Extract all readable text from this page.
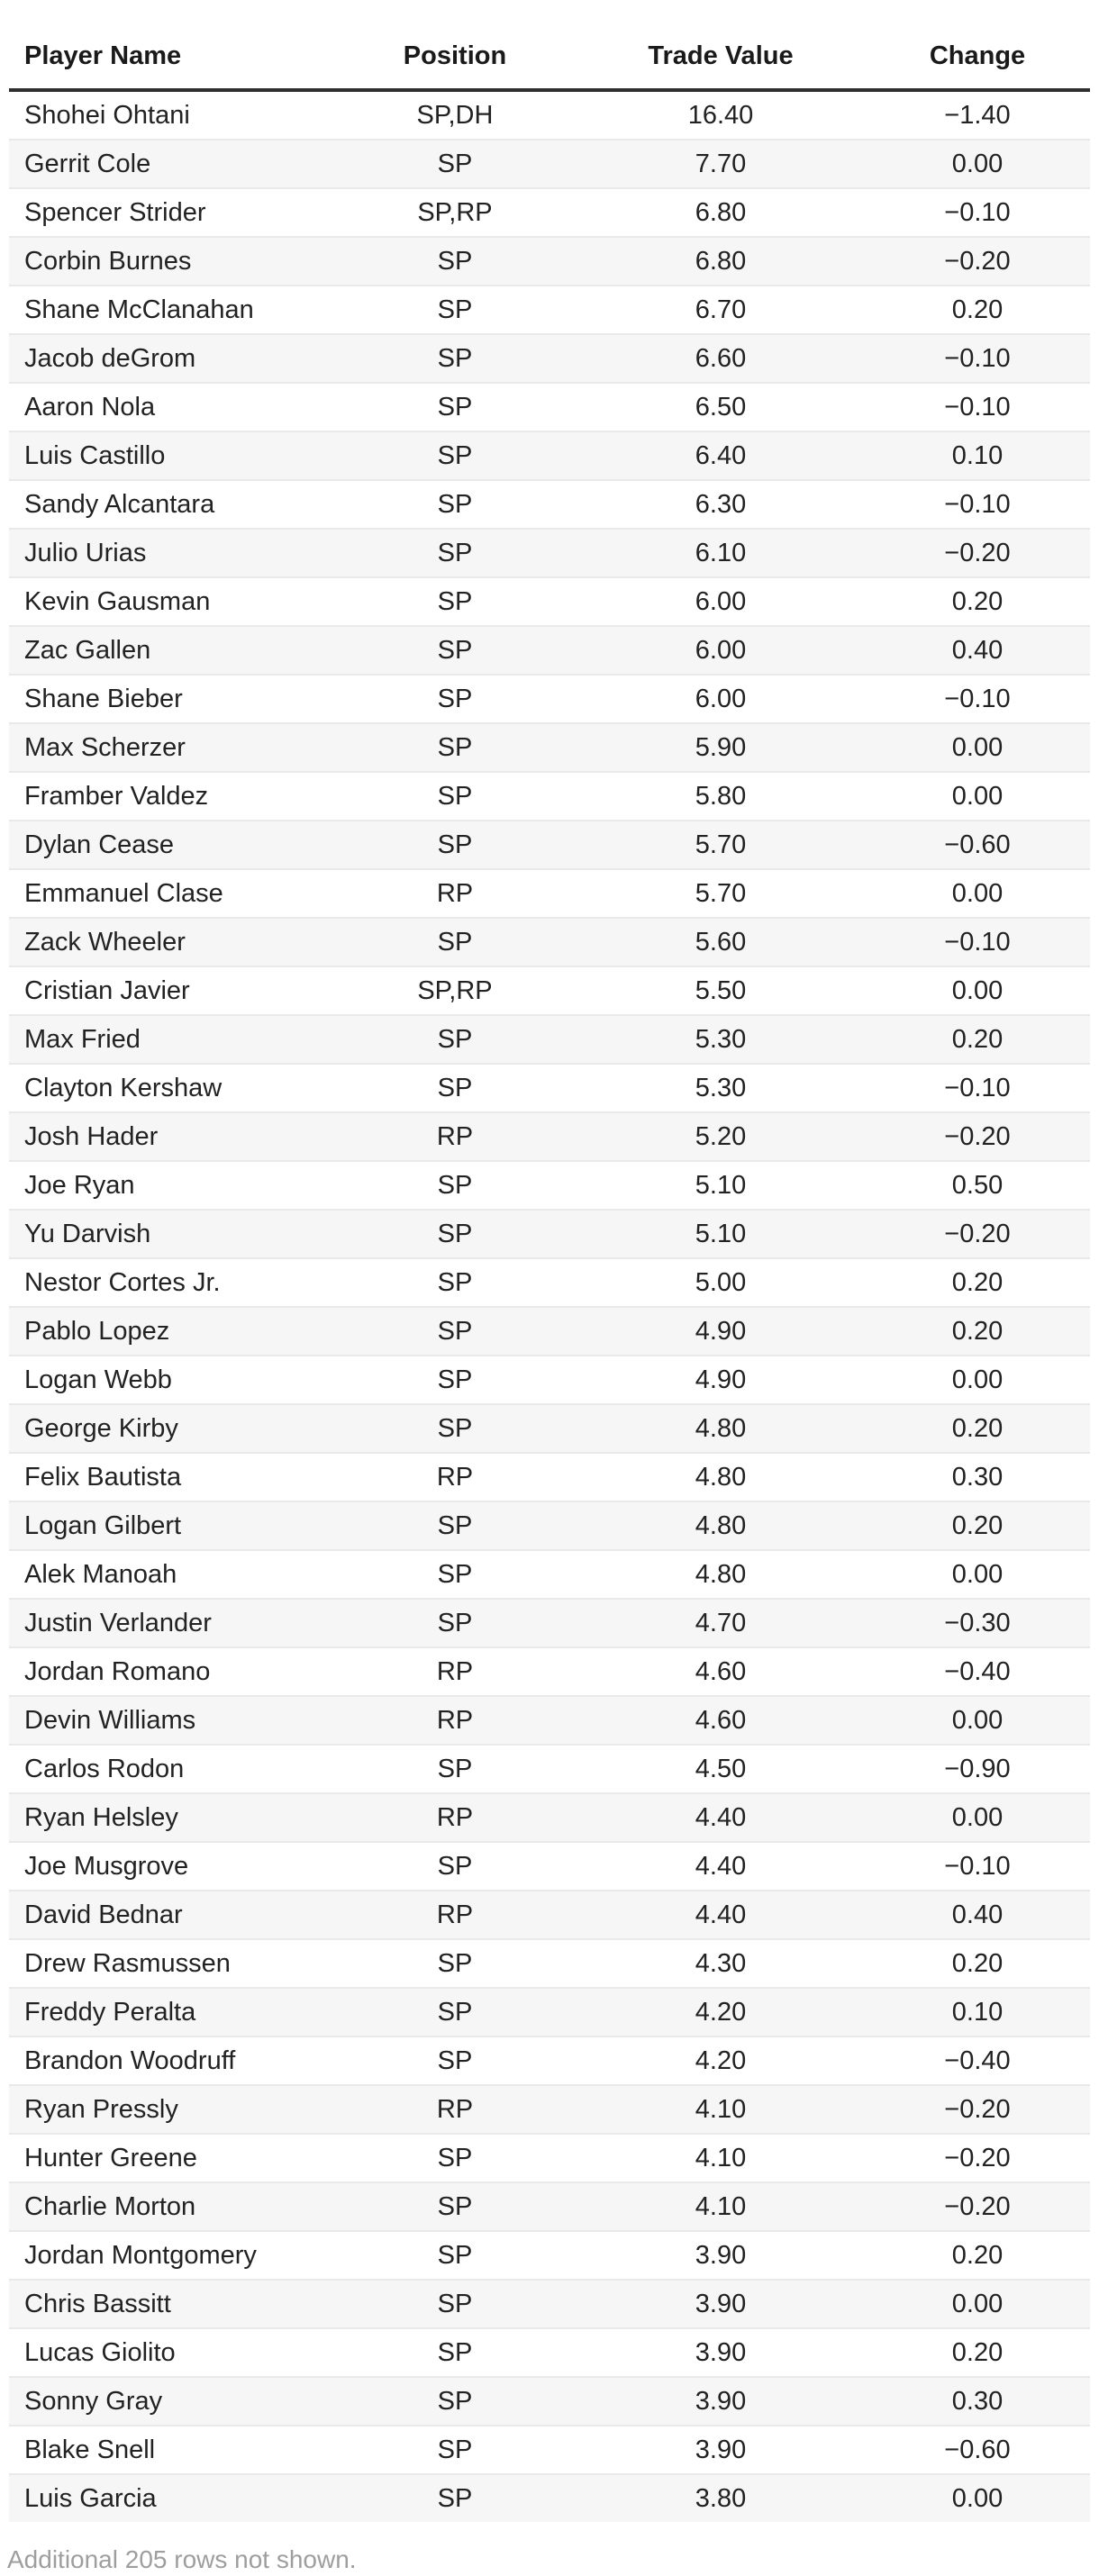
Player Name	Position	Trade Value	Change
Shohei Ohtani	SP,DH	16.40	−1.40
Gerrit Cole	SP	7.70	0.00
Spencer Strider	SP,RP	6.80	−0.10
Corbin Burnes	SP	6.80	−0.20
Shane McClanahan	SP	6.70	0.20
Jacob deGrom	SP	6.60	−0.10
Aaron Nola	SP	6.50	−0.10
Luis Castillo	SP	6.40	0.10
Sandy Alcantara	SP	6.30	−0.10
Julio Urias	SP	6.10	−0.20
Kevin Gausman	SP	6.00	0.20
Zac Gallen	SP	6.00	0.40
Shane Bieber	SP	6.00	−0.10
Max Scherzer	SP	5.90	0.00
Framber Valdez	SP	5.80	0.00
Dylan Cease	SP	5.70	−0.60
Emmanuel Clase	RP	5.70	0.00
Zack Wheeler	SP	5.60	−0.10
Cristian Javier	SP,RP	5.50	0.00
Max Fried	SP	5.30	0.20
Clayton Kershaw	SP	5.30	−0.10
Josh Hader	RP	5.20	−0.20
Joe Ryan	SP	5.10	0.50
Yu Darvish	SP	5.10	−0.20
Nestor Cortes Jr.	SP	5.00	0.20
Pablo Lopez	SP	4.90	0.20
Logan Webb	SP	4.90	0.00
George Kirby	SP	4.80	0.20
Felix Bautista	RP	4.80	0.30
Logan Gilbert	SP	4.80	0.20
Alek Manoah	SP	4.80	0.00
Justin Verlander	SP	4.70	−0.30
Jordan Romano	RP	4.60	−0.40
Devin Williams	RP	4.60	0.00
Carlos Rodon	SP	4.50	−0.90
Ryan Helsley	RP	4.40	0.00
Joe Musgrove	SP	4.40	−0.10
David Bednar	RP	4.40	0.40
Drew Rasmussen	SP	4.30	0.20
Freddy Peralta	SP	4.20	0.10
Brandon Woodruff	SP	4.20	−0.40
Ryan Pressly	RP	4.10	−0.20
Hunter Greene	SP	4.10	−0.20
Charlie Morton	SP	4.10	−0.20
Jordan Montgomery	SP	3.90	0.20
Chris Bassitt	SP	3.90	0.00
Lucas Giolito	SP	3.90	0.20
Sonny Gray	SP	3.90	0.30
Blake Snell	SP	3.90	−0.60
Luis Garcia	SP	3.80	0.00
Additional 205 rows not shown.
